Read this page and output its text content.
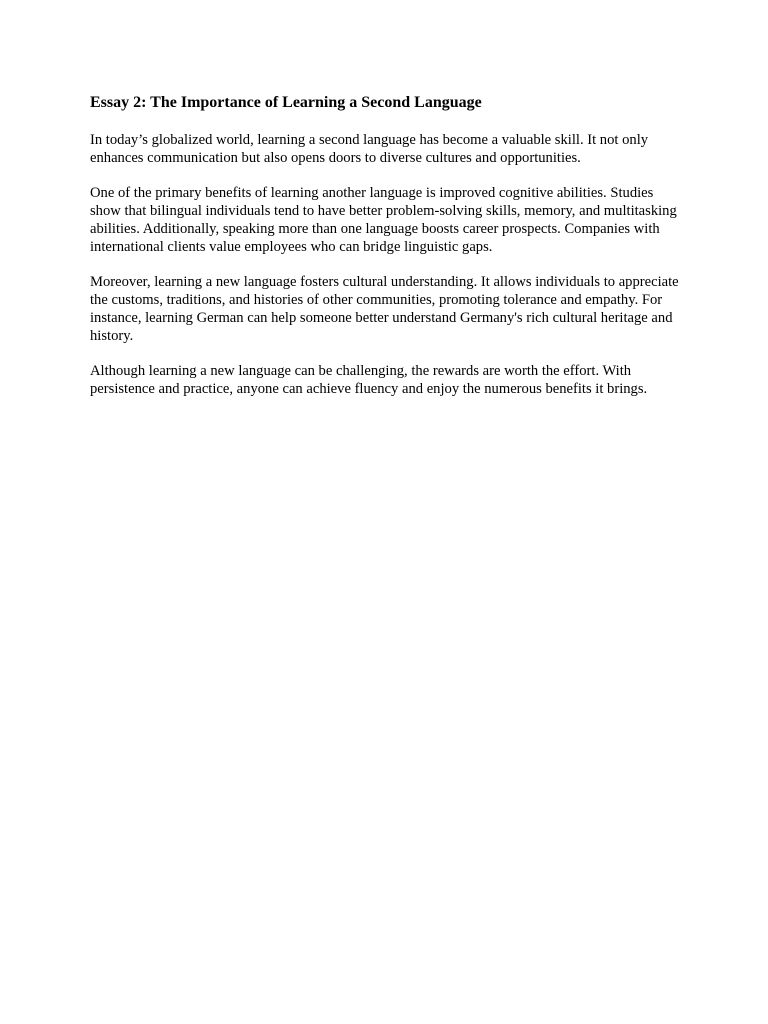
Essay 2: The Importance of Learning a Second Language

In today’s globalized world, learning a second language has become a valuable skill. It not only enhances communication but also opens doors to diverse cultures and opportunities.

One of the primary benefits of learning another language is improved cognitive abilities. Studies show that bilingual individuals tend to have better problem-solving skills, memory, and multitasking abilities. Additionally, speaking more than one language boosts career prospects. Companies with international clients value employees who can bridge linguistic gaps.

Moreover, learning a new language fosters cultural understanding. It allows individuals to appreciate the customs, traditions, and histories of other communities, promoting tolerance and empathy. For instance, learning German can help someone better understand Germany's rich cultural heritage and history.

Although learning a new language can be challenging, the rewards are worth the effort. With persistence and practice, anyone can achieve fluency and enjoy the numerous benefits it brings.
